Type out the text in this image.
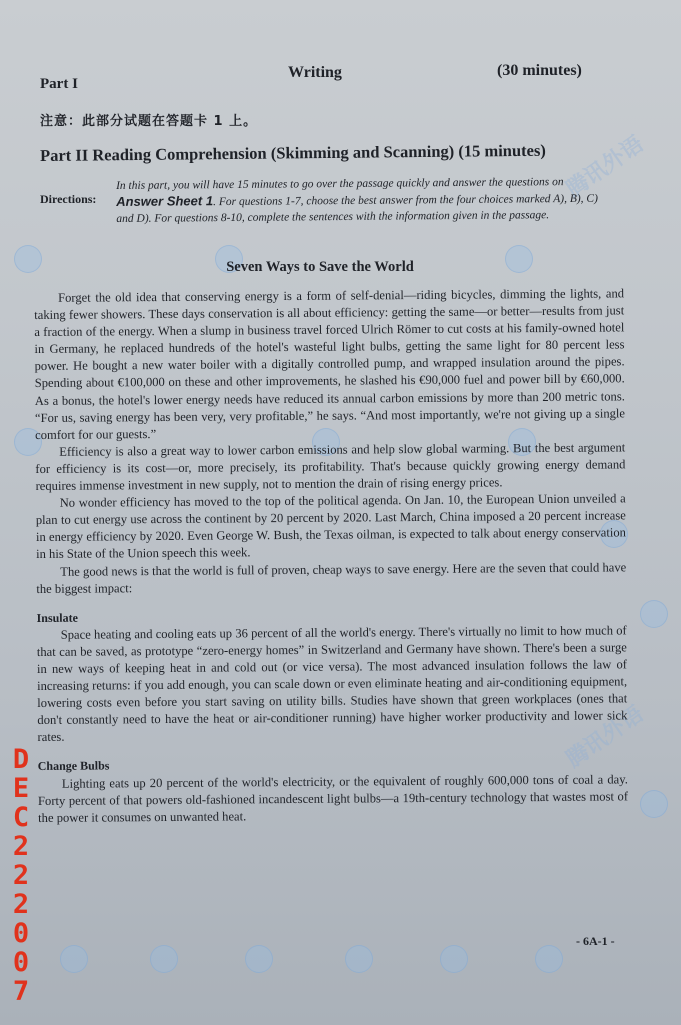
腾讯外语
腾讯外语
Part I
Writing	(30 minutes)
注意：此部分试题在答题卡 1 上。
Part II Reading Comprehension (Skimming and Scanning) (15 minutes)
Directions:
In this part, you will have 15 minutes to go over the passage quickly and answer the questions on Answer Sheet 1. For questions 1-7, choose the best answer from the four choices marked A), B), C) and D). For questions 8-10, complete the sentences with the information given in the passage.
Seven Ways to Save the World

Forget the old idea that conserving energy is a form of self-denial—riding bicycles, dimming the lights, and taking fewer showers. These days conservation is all about efficiency: getting the same—or better—results from just a fraction of the energy. When a slump in business travel forced Ulrich Römer to cut costs at his family-owned hotel in Germany, he replaced hundreds of the hotel's wasteful light bulbs, getting the same light for 80 percent less power. He bought a new water boiler with a digitally controlled pump, and wrapped insulation around the pipes. Spending about €100,000 on these and other improvements, he slashed his €90,000 fuel and power bill by €60,000. As a bonus, the hotel's lower energy needs have reduced its annual carbon emissions by more than 200 metric tons. “For us, saving energy has been very, very profitable,” he says. “And most importantly, we're not giving up a single comfort for our guests.”

Efficiency is also a great way to lower carbon emissions and help slow global warming. But the best argument for efficiency is its cost—or, more precisely, its profitability. That's because quickly growing energy demand requires immense investment in new supply, not to mention the drain of rising energy prices.

No wonder efficiency has moved to the top of the political agenda. On Jan. 10, the European Union unveiled a plan to cut energy use across the continent by 20 percent by 2020. Last March, China imposed a 20 percent increase in energy efficiency by 2020. Even George W. Bush, the Texas oilman, is expected to talk about energy conservation in his State of the Union speech this week.

The good news is that the world is full of proven, cheap ways to save energy. Here are the seven that could have the biggest impact:

Insulate

Space heating and cooling eats up 36 percent of all the world's energy. There's virtually no limit to how much of that can be saved, as prototype “zero-energy homes” in Switzerland and Germany have shown. There's been a surge in new ways of keeping heat in and cold out (or vice versa). The most advanced insulation follows the law of increasing returns: if you add enough, you can scale down or even eliminate heating and air-conditioning equipment, lowering costs even before you start saving on utility bills. Studies have shown that green workplaces (ones that don't constantly need to have the heat or air-conditioner running) have higher worker productivity and lower sick rates.

Change Bulbs

Lighting eats up 20 percent of the world's electricity, or the equivalent of roughly 600,000 tons of coal a day. Forty percent of that powers old-fashioned incandescent light bulbs—a 19th-century technology that wastes most of the power it consumes on unwanted heat.

- 6A-1 -
DEC 22 2007
